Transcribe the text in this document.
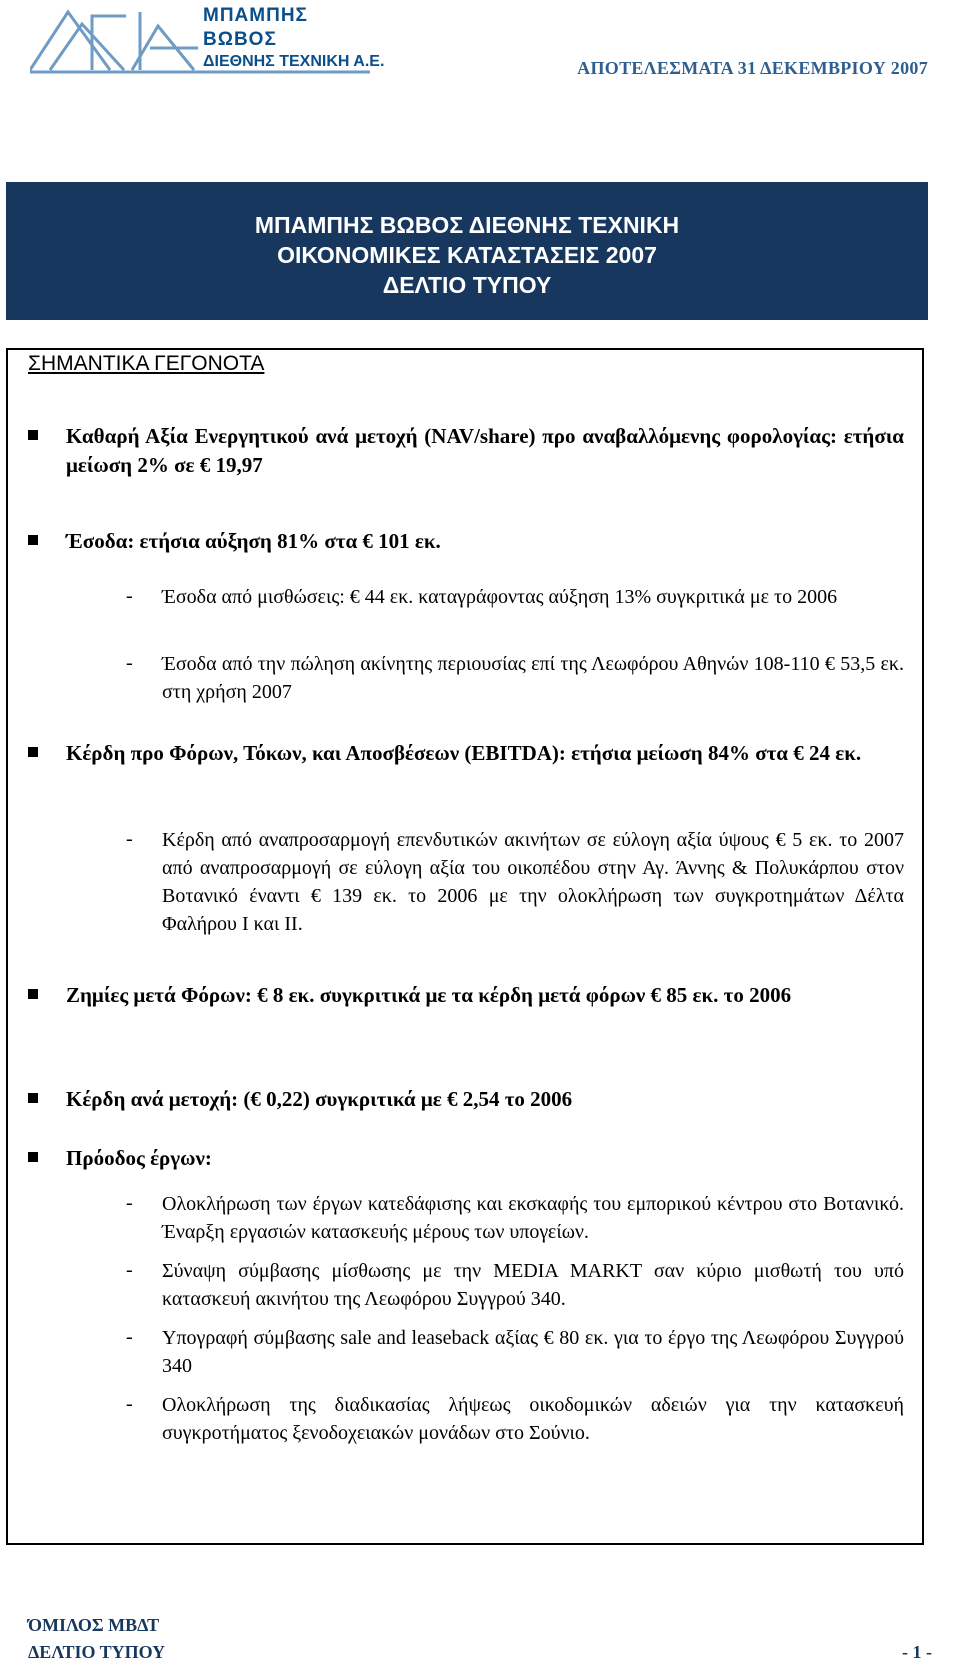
ΜΠΑΜΠΗΣ
ΒΩΒΟΣ
ΔΙΕΘΝΗΣ ΤΕΧΝΙΚΗ Α.Ε.	ΑΠΟΤΕΛΕΣΜΑΤΑ 31 ΔΕΚΕΜΒΡΙΟΥ 2007
ΜΠΑΜΠΗΣ ΒΩΒΟΣ ΔΙΕΘΝΗΣ ΤΕΧΝΙΚΗ
ΟΙΚΟΝΟΜΙΚΕΣ ΚΑΤΑΣΤΑΣΕΙΣ 2007
ΔΕΛΤΙΟ ΤΥΠΟΥ
ΣΗΜΑΝΤΙΚΑ ΓΕΓΟΝΟΤΑ
Καθαρή Αξία Ενεργητικού ανά μετοχή (NAV/share) προ αναβαλλόμενης φορολογίας: ετήσια μείωση 2% σε € 19,97
Έσοδα: ετήσια αύξηση 81% στα € 101 εκ.
- Έσοδα από μισθώσεις: € 44 εκ. καταγράφοντας αύξηση 13% συγκριτικά με το 2006
- Έσοδα από την πώληση ακίνητης περιουσίας επί της Λεωφόρου Αθηνών 108-110 € 53,5 εκ. στη χρήση 2007
Κέρδη προ Φόρων, Τόκων, και Αποσβέσεων (EBITDA): ετήσια μείωση 84% στα € 24 εκ.
- Κέρδη από αναπροσαρμογή επενδυτικών ακινήτων σε εύλογη αξία ύψους € 5 εκ. το 2007 από αναπροσαρμογή σε εύλογη αξία του οικοπέδου στην Αγ. Άννης & Πολυκάρπου στον Βοτανικό έναντι € 139 εκ. το 2006 με την ολοκλήρωση των συγκροτημάτων Δέλτα Φαλήρου Ι και ΙΙ.
Ζημίες μετά Φόρων: € 8 εκ. συγκριτικά με τα κέρδη μετά φόρων € 85 εκ. το 2006
Κέρδη ανά μετοχή: (€ 0,22) συγκριτικά με € 2,54 το 2006
Πρόοδος έργων:
- Ολοκλήρωση των έργων κατεδάφισης και εκσκαφής του εμπορικού κέντρου στο Βοτανικό. Έναρξη εργασιών κατασκευής μέρους των υπογείων.
- Σύναψη σύμβασης μίσθωσης με την MEDIA MARKT σαν κύριο μισθωτή του υπό κατασκευή ακινήτου της Λεωφόρου Συγγρού 340.
- Υπογραφή σύμβασης sale and leaseback αξίας € 80 εκ. για το έργο της Λεωφόρου Συγγρού 340
- Ολοκλήρωση της διαδικασίας λήψεως οικοδομικών αδειών για την κατασκευή συγκροτήματος ξενοδοχειακών μονάδων στο Σούνιο.
ΌΜΙΛΟΣ ΜΒΔΤ
ΔΕΛΤΙΟ ΤΥΠΟΥ	- 1 -
